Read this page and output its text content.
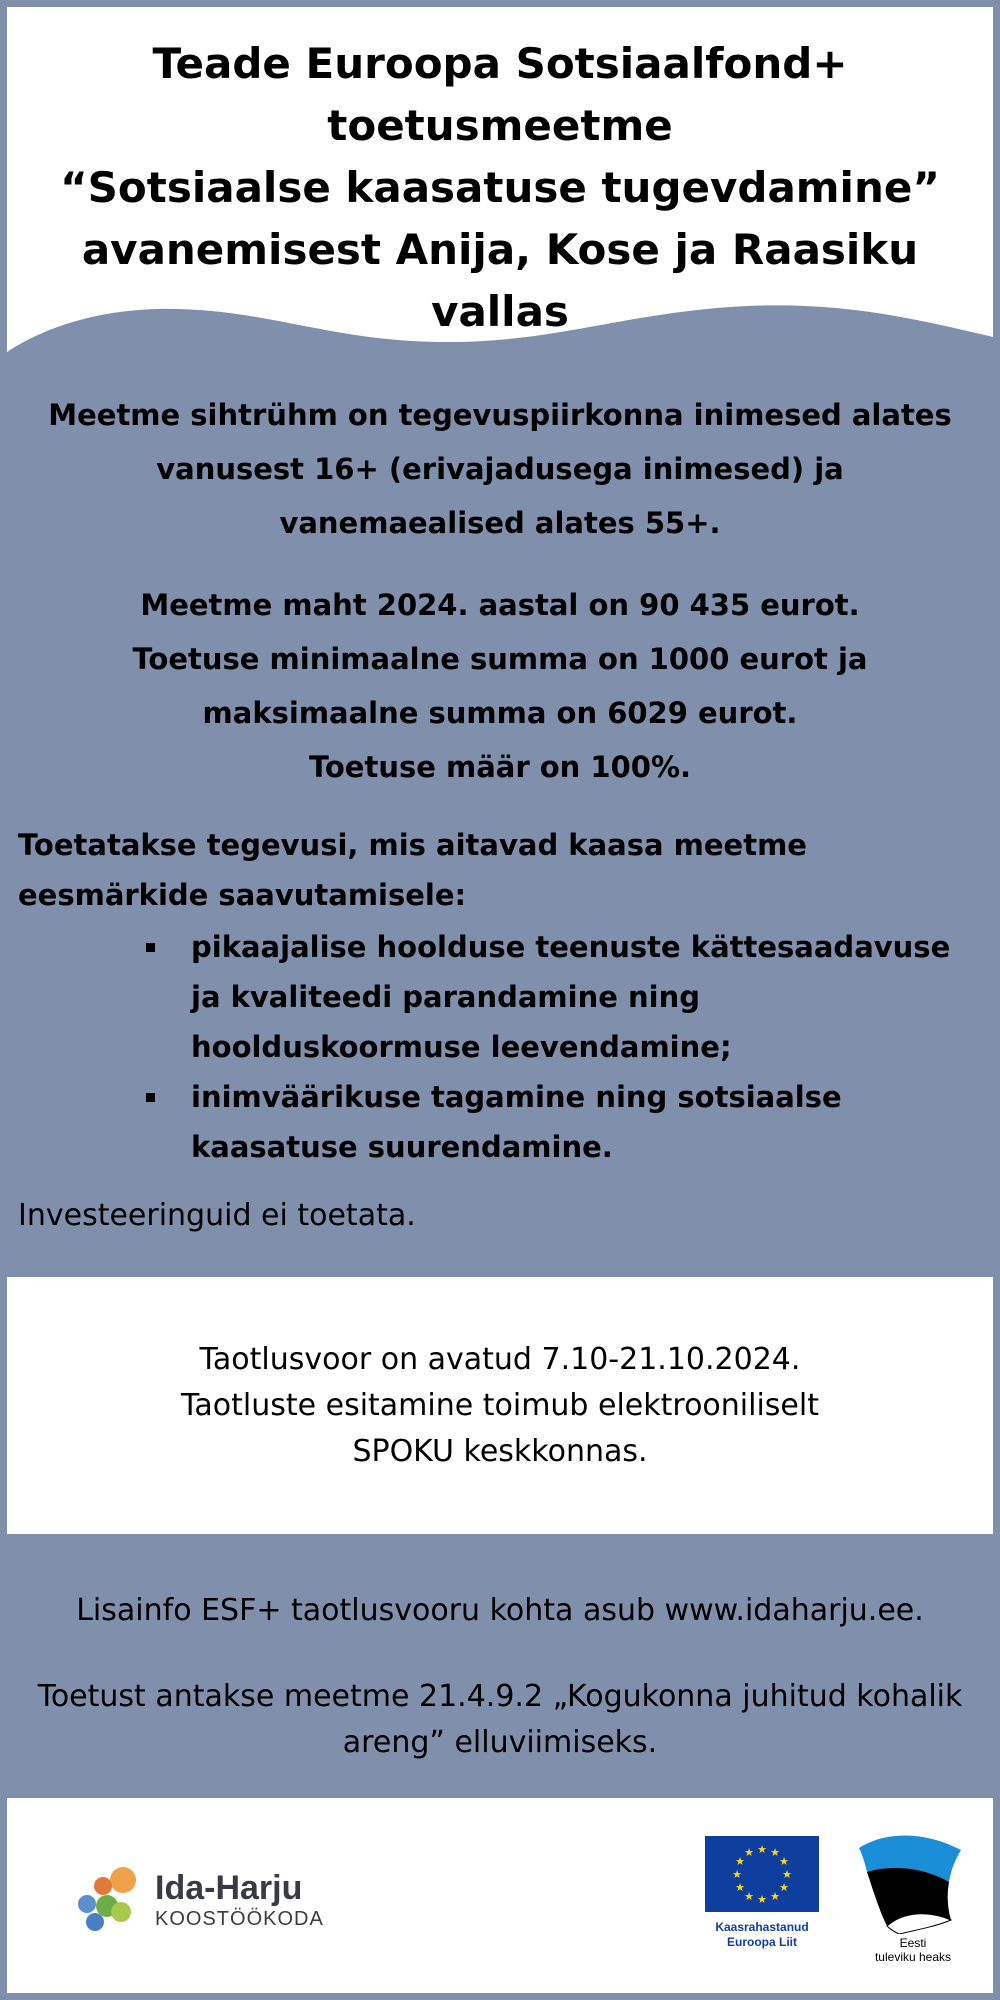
Teade Euroopa Sotsiaalfond+
toetusmeetme
“Sotsiaalse kaasatuse tugevdamine”
avanemisest Anija, Kose ja Raasiku vallas

Meetme sihtrühm on tegevuspiirkonna inimesed alates
vanusest 16+ (erivajadusega inimesed) ja
vanemaealised alates 55+.

Meetme maht 2024. aastal on 90 435 eurot.
Toetuse minimaalne summa on 1000 eurot ja
maksimaalne summa on 6029 eurot.
Toetuse määr on 100%.

Toetatakse tegevusi, mis aitavad kaasa meetme
eesmärkide saavutamisele:

pikaajalise hoolduse teenuste kättesaadavuse
ja kvaliteedi parandamine ning
hoolduskoormuse leevendamine;
inimväärikuse tagamine ning sotsiaalse
kaasatuse suurendamine.
Investeeringuid ei toetata.

Taotlusvoor on avatud 7.10-21.10.2024.
Taotluste esitamine toimub elektrooniliselt
SPOKU keskkonnas.

Lisainfo ESF+ taotlusvooru kohta asub www.idaharju.ee.

Toetust antakse meetme 21.4.9.2 „Kogukonna juhitud kohalik
areng” elluviimiseks.

Ida-Harju
KOOSTÖÖKODA
★ ★
★
★
★
★
★
★
★
★
★
★
Kaasrahastanud
Euroopa Liit	Eesti
tuleviku heaks
